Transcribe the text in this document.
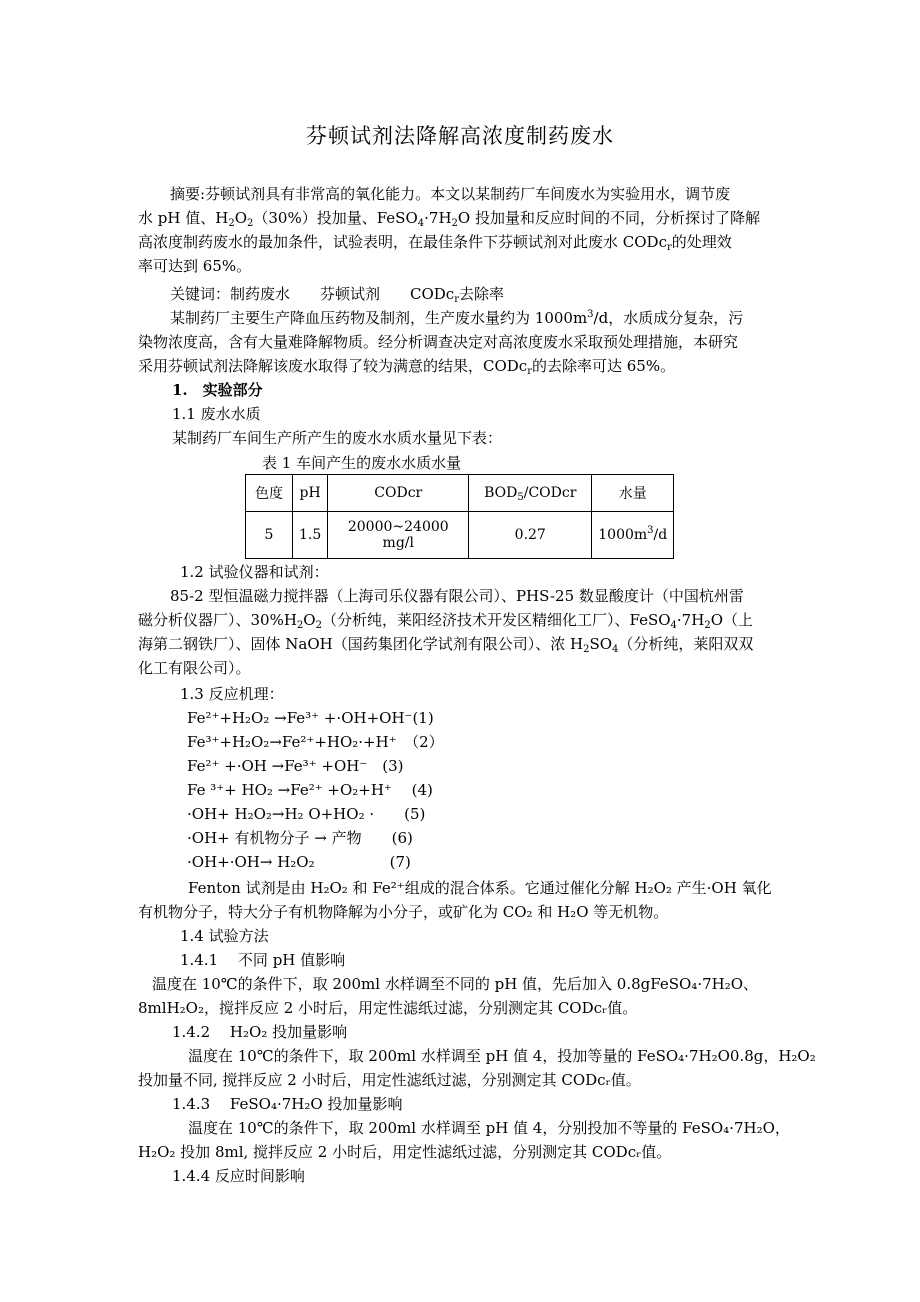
芬顿试剂法降解高浓度制药废水
摘要:芬顿试剂具有非常高的氧化能力。本文以某制药厂车间废水为实验用水，调节废
水 pH 值、$H_2O_2(30\%)$投加量、$FeSO_4\cdot 7H_2O$ 投加量和反应时间的不同，分析探讨了降解
高浓度制药废水的最加条件，试验表明，在最佳条件下芬顿试剂对此废水 CODc$_r$的处理效
率可达到 65%。
关键词：制药废水　　芬顿试剂　　CODc$_r$去除率
某制药厂主要生产降血压药物及制剂，生产废水量约为 $1000m^3/d$，水质成分复杂，污
染物浓度高，含有大量难降解物质。经分析调查决定对高浓度废水采取预处理措施，本研究
采用芬顿试剂法降解该废水取得了较为满意的结果，CODc$_r$的去除率可达 65%。
1.　实验部分
1.1 废水水质
某制药厂车间生产所产生的废水水质水量见下表：
表 1 车间产生的废水水质水量
色度	pH	CODcr	$BOD_5$/CODcr	水量
5	1.5	20000~24000 mg/l	0.27	$1000m^3/d$
1.2 试验仪器和试剂：
85-2 型恒温磁力搅拌器（上海司乐仪器有限公司）、PHS-25 数显酸度计（中国杭州雷
磁分析仪器厂）、$30\%H_2O_2$（分析纯，莱阳经济技术开发区精细化工厂）、$FeSO_4\cdot 7H_2O$（上
海第二钢铁厂）、固体 NaOH（国药集团化学试剂有限公司）、浓 $H_2SO_4$（分析纯，莱阳双双
化工有限公司）。
1.3 反应机理：
Fe²⁺+H₂O₂ →Fe³⁺ +·OH+OH⁻(1)
Fe³⁺+H₂O₂→Fe²⁺+HO₂·+H⁺　（2）
Fe²⁺ +·OH →Fe³⁺ +OH⁻　(3)
Fe ³⁺+ HO₂ →Fe²⁺ +O₂+H⁺　 (4)
·OH+ H₂O₂→H₂ O+HO₂ ·　　(5)
·OH+ 有机物分子 → 产物　　(6)
·OH+·OH→ H₂O₂　　　　　(7)
Fenton 试剂是由 H₂O₂ 和 Fe²⁺组成的混合体系。它通过催化分解 H₂O₂ 产生·OH 氧化
有机物分子，特大分子有机物降解为小分子，或矿化为 CO₂ 和 H₂O 等无机物。
1.4 试验方法
1.4.1　 不同 pH 值影响
温度在 10℃的条件下，取 200ml 水样调至不同的 pH 值，先后加入 0.8gFeSO₄·7H₂O、
8mlH₂O₂，搅拌反应 2 小时后，用定性滤纸过滤，分别测定其 CODcᵣ值。
1.4.2　 H₂O₂ 投加量影响
温度在 10℃的条件下，取 200ml 水样调至 pH 值 4，投加等量的 FeSO₄·7H₂O0.8g，H₂O₂
投加量不同, 搅拌反应 2 小时后，用定性滤纸过滤，分别测定其 CODcᵣ值。
1.4.3　 FeSO₄·7H₂O 投加量影响
温度在 10℃的条件下，取 200ml 水样调至 pH 值 4，分别投加不等量的 FeSO₄·7H₂O，
H₂O₂ 投加 8ml, 搅拌反应 2 小时后，用定性滤纸过滤，分别测定其 CODcᵣ值。
1.4.4 反应时间影响
